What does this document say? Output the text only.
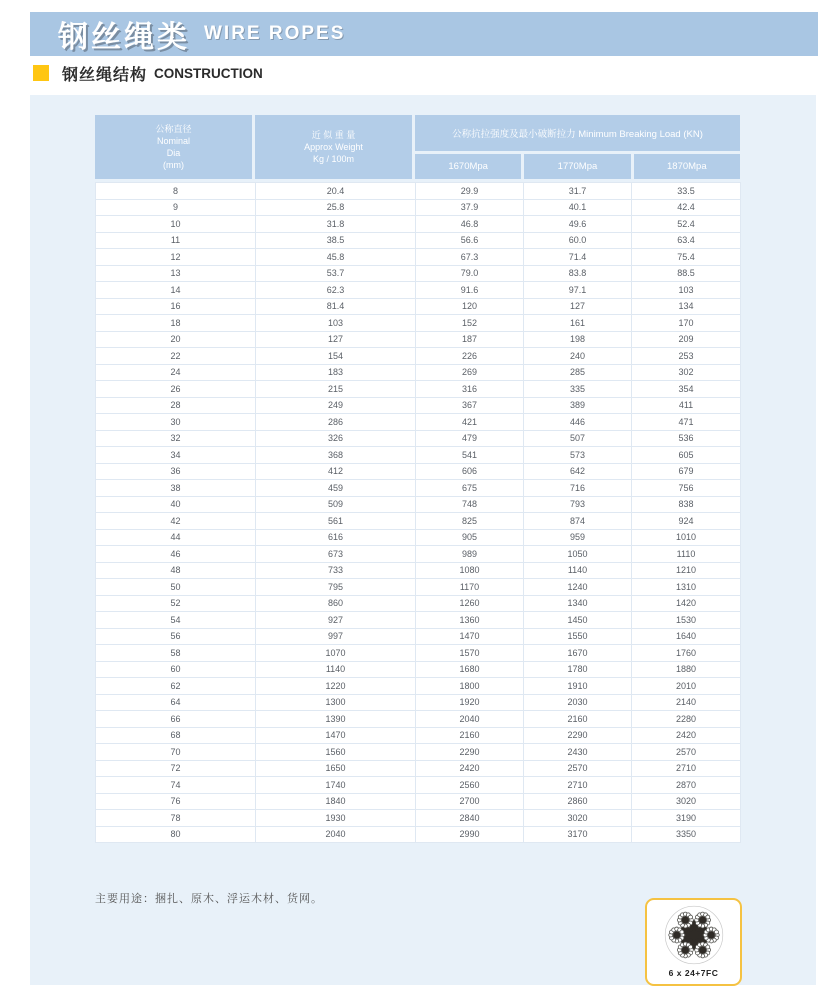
钢丝绳类 WIRE ROPES
钢丝绳结构 CONSTRUCTION
公称直径
Nominal
Dia
(mm)
近 似 重 量
Approx Weight
Kg / 100m
公称抗拉强度及最小破断拉力 Minimum Breaking Load (KN)
1670Mpa	1770Mpa	1870Mpa
8	20.4	29.9	31.7	33.5
9	25.8	37.9	40.1	42.4
10	31.8	46.8	49.6	52.4
11	38.5	56.6	60.0	63.4
12	45.8	67.3	71.4	75.4
13	53.7	79.0	83.8	88.5
14	62.3	91.6	97.1	103
16	81.4	120	127	134
18	103	152	161	170
20	127	187	198	209
22	154	226	240	253
24	183	269	285	302
26	215	316	335	354
28	249	367	389	411
30	286	421	446	471
32	326	479	507	536
34	368	541	573	605
36	412	606	642	679
38	459	675	716	756
40	509	748	793	838
42	561	825	874	924
44	616	905	959	1010
46	673	989	1050	1110
48	733	1080	1140	1210
50	795	1170	1240	1310
52	860	1260	1340	1420
54	927	1360	1450	1530
56	997	1470	1550	1640
58	1070	1570	1670	1760
60	1140	1680	1780	1880
62	1220	1800	1910	2010
64	1300	1920	2030	2140
66	1390	2040	2160	2280
68	1470	2160	2290	2420
70	1560	2290	2430	2570
72	1650	2420	2570	2710
74	1740	2560	2710	2870
76	1840	2700	2860	3020
78	1930	2840	3020	3190
80	2040	2990	3170	3350
主要用途：捆扎、原木、浮运木材、货网。
6 x 24+7FC
